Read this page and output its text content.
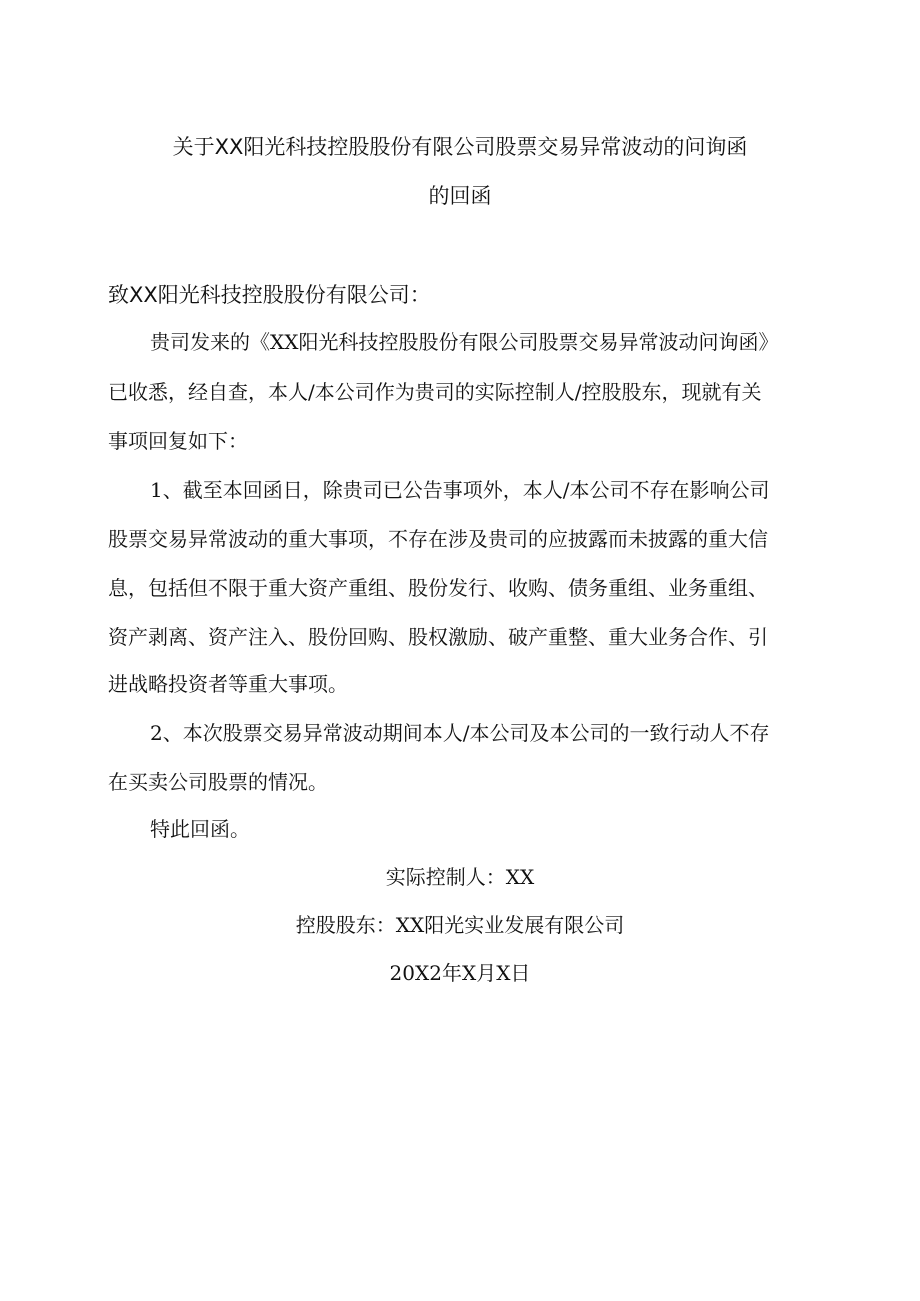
关于XX阳光科技控股股份有限公司股票交易异常波动的问询函
的回函
致XX阳光科技控股股份有限公司：
贵司发来的《XX阳光科技控股股份有限公司股票交易异常波动问询函》
已收悉，经自查，本人/本公司作为贵司的实际控制人/控股股东，现就有关
事项回复如下：
1、截至本回函日，除贵司已公告事项外，本人/本公司不存在影响公司
股票交易异常波动的重大事项，不存在涉及贵司的应披露而未披露的重大信
息，包括但不限于重大资产重组、股份发行、收购、债务重组、业务重组、
资产剥离、资产注入、股份回购、股权激励、破产重整、重大业务合作、引
进战略投资者等重大事项。
2、本次股票交易异常波动期间本人/本公司及本公司的一致行动人不存
在买卖公司股票的情况。
特此回函。
实际控制人：XX
控股股东：XX阳光实业发展有限公司
20X2年X月X日
